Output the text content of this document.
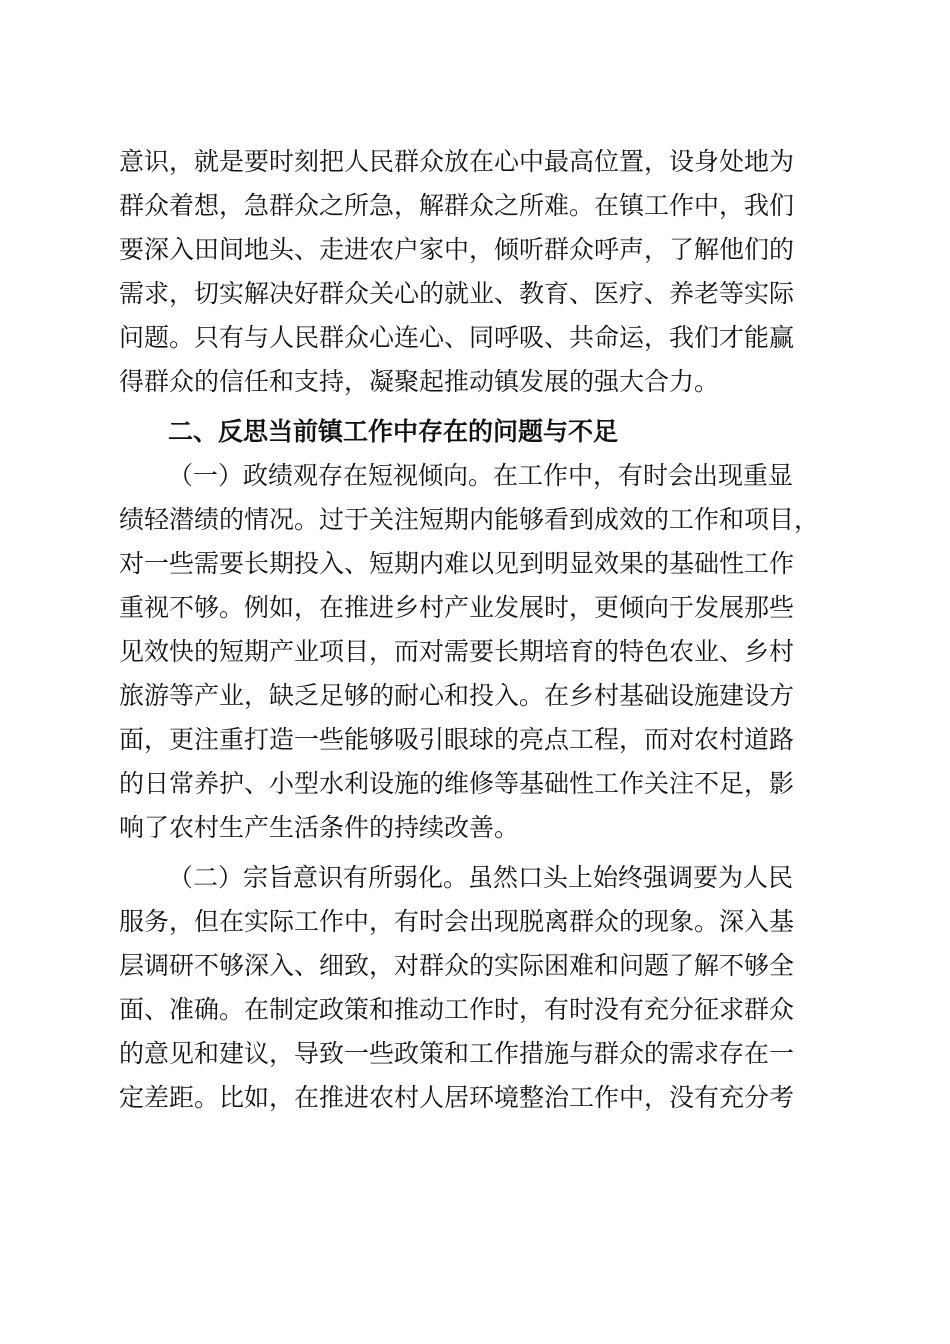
意识，就是要时刻把人民群众放在心中最高位置，设身处地为
群众着想，急群众之所急，解群众之所难。在镇工作中，我们
要深入田间地头、走进农户家中，倾听群众呼声，了解他们的
需求，切实解决好群众关心的就业、教育、医疗、养老等实际
问题。只有与人民群众心连心、同呼吸、共命运，我们才能赢
得群众的信任和支持，凝聚起推动镇发展的强大合力。
二、反思当前镇工作中存在的问题与不足
（一）政绩观存在短视倾向。在工作中，有时会出现重显
绩轻潜绩的情况。过于关注短期内能够看到成效的工作和项目，
对一些需要长期投入、短期内难以见到明显效果的基础性工作
重视不够。例如，在推进乡村产业发展时，更倾向于发展那些
见效快的短期产业项目，而对需要长期培育的特色农业、乡村
旅游等产业，缺乏足够的耐心和投入。在乡村基础设施建设方
面，更注重打造一些能够吸引眼球的亮点工程，而对农村道路
的日常养护、小型水利设施的维修等基础性工作关注不足，影
响了农村生产生活条件的持续改善。
（二）宗旨意识有所弱化。虽然口头上始终强调要为人民
服务，但在实际工作中，有时会出现脱离群众的现象。深入基
层调研不够深入、细致，对群众的实际困难和问题了解不够全
面、准确。在制定政策和推动工作时，有时没有充分征求群众
的意见和建议，导致一些政策和工作措施与群众的需求存在一
定差距。比如，在推进农村人居环境整治工作中，没有充分考
